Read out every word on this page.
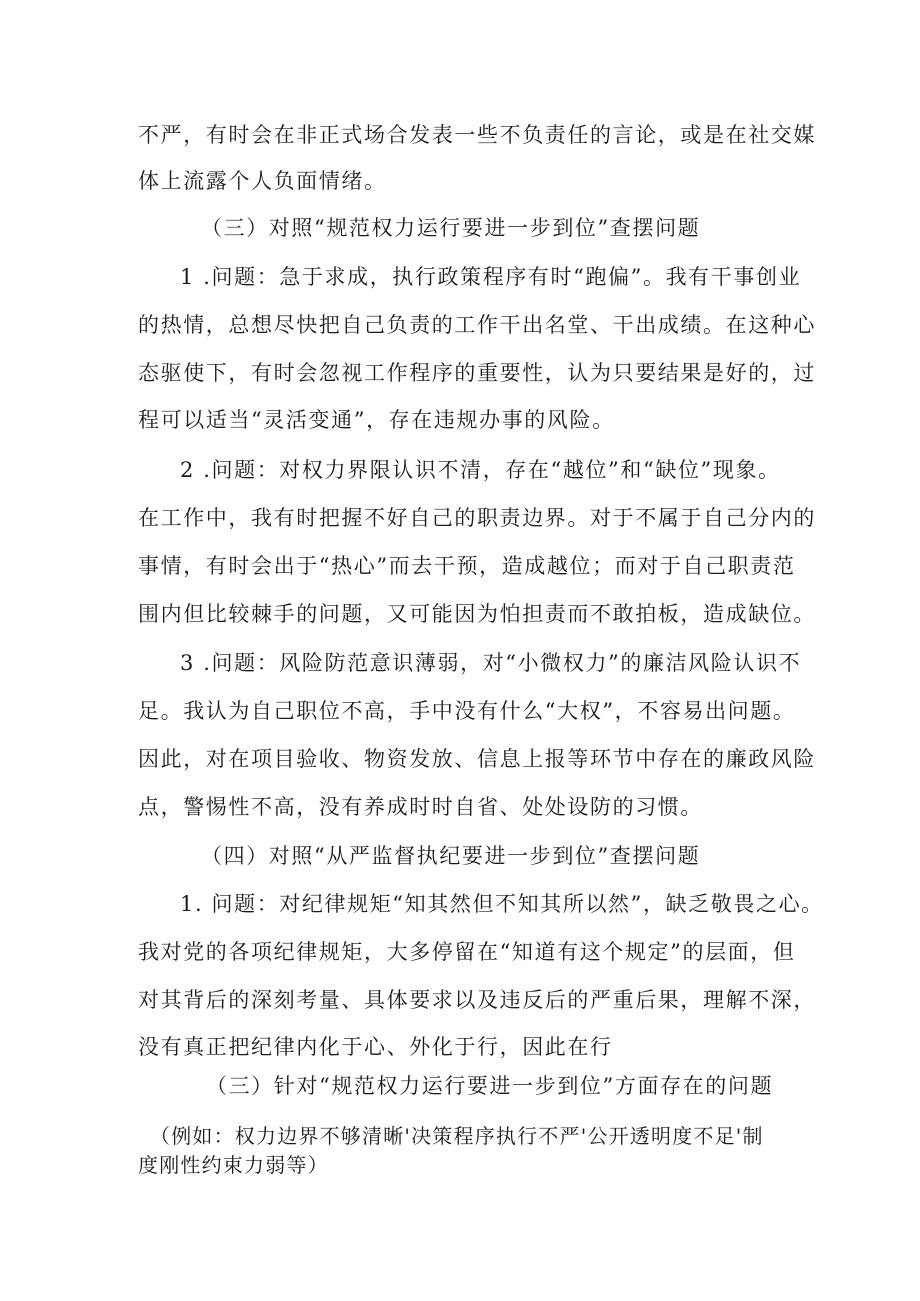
不严，有时会在非正式场合发表一些不负责任的言论，或是在社交媒
体上流露个人负面情绪。
（三）对照“规范权力运行要进一步到位”查摆问题
1 .问题：急于求成，执行政策程序有时“跑偏”。我有干事创业
的热情，总想尽快把自己负责的工作干出名堂、干出成绩。在这种心
态驱使下，有时会忽视工作程序的重要性，认为只要结果是好的，过
程可以适当“灵活变通”，存在违规办事的风险。
2 .问题：对权力界限认识不清，存在“越位”和“缺位”现象。
在工作中，我有时把握不好自己的职责边界。对于不属于自己分内的
事情，有时会出于“热心”而去干预，造成越位；而对于自己职责范
围内但比较棘手的问题，又可能因为怕担责而不敢拍板，造成缺位。
3 .问题：风险防范意识薄弱，对“小微权力”的廉洁风险认识不
足。我认为自己职位不高，手中没有什么“大权”，不容易出问题。
因此，对在项目验收、物资发放、信息上报等环节中存在的廉政风险
点，警惕性不高，没有养成时时自省、处处设防的习惯。
（四）对照“从严监督执纪要进一步到位”查摆问题
1. 问题：对纪律规矩“知其然但不知其所以然”，缺乏敬畏之心。
我对党的各项纪律规矩，大多停留在“知道有这个规定”的层面，但
对其背后的深刻考量、具体要求以及违反后的严重后果，理解不深，
没有真正把纪律内化于心、外化于行，因此在行
（三）针对“规范权力运行要进一步到位”方面存在的问题
（例如：权力边界不够清晰'决策程序执行不严'公开透明度不足'制
度刚性约束力弱等）
